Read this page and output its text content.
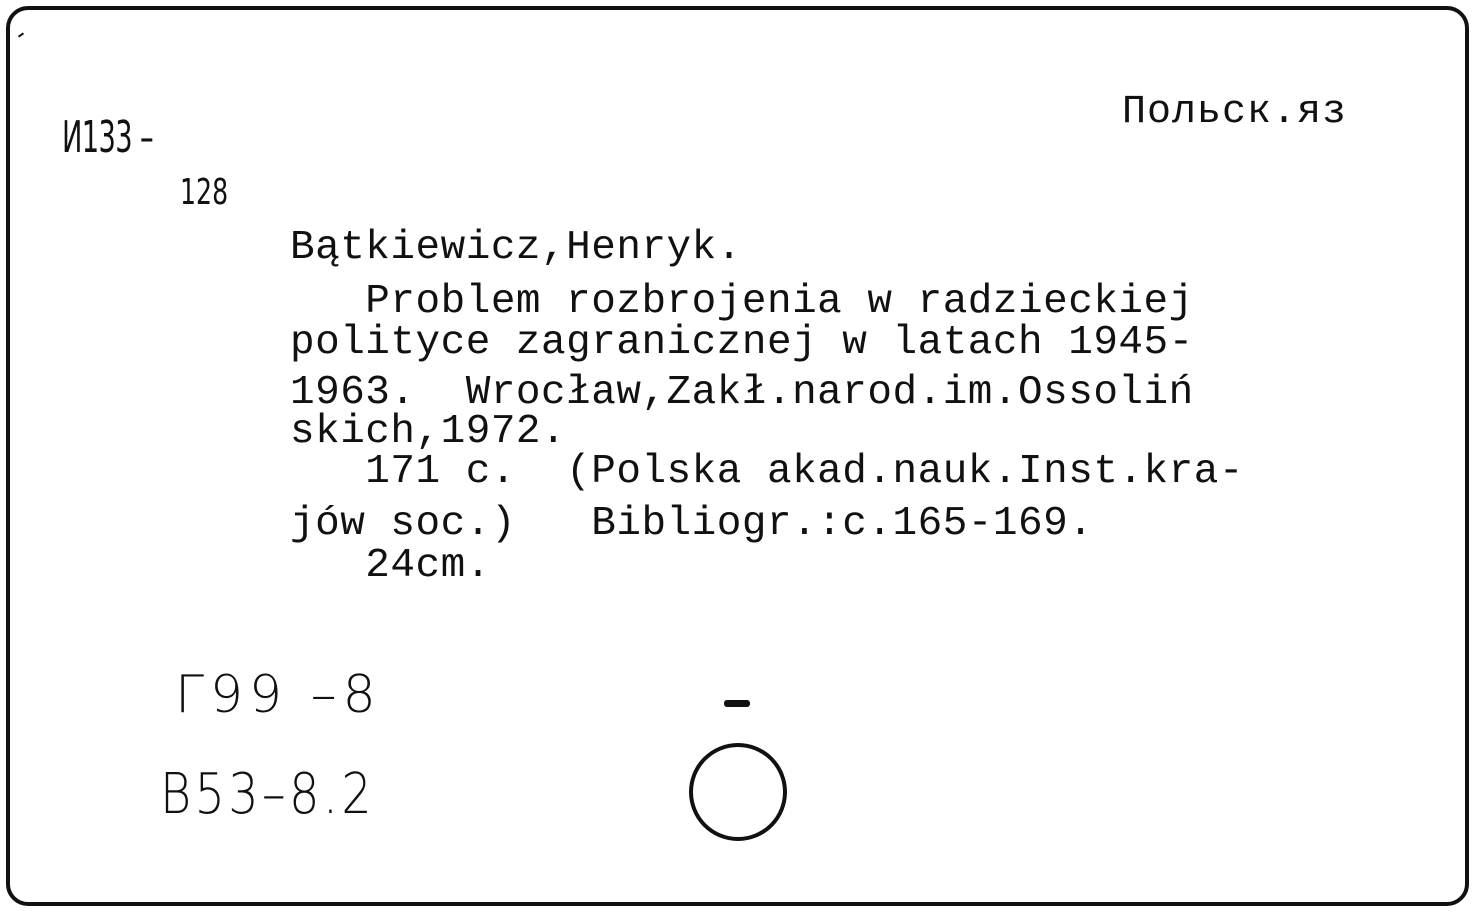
Польск.яз
И133 –
128
Bątkiewicz,Henryk.
Problem rozbrojenia w radzieckiej
polityce zagranicznej w latach 1945-
1963.  Wrocław,Zakł.narod.im.Ossoliń
skich,1972.
171 c.  (Polska akad.nauk.Inst.kra-
jów soc.)   Bibliogr.:c.165-169.
24cm.
Г99 –8
В53–8.2
